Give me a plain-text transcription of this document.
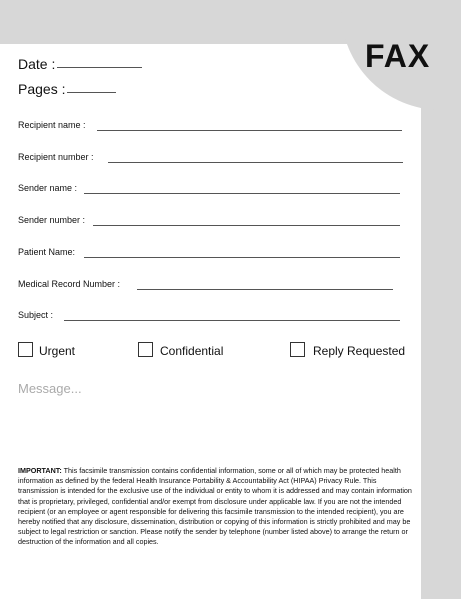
FAX
Date :
Pages :
Recipient name :
Recipient number :
Sender name :
Sender number :
Patient Name:
Medical Record Number :
Subject :
Urgent	Confidential	Reply Requested
Message...
IMPORTANT: This facsimile transmission contains confidential information, some or all of which may be protected health information as defined by the federal Health Insurance Portability & Accountability Act (HIPAA) Privacy Rule. This transmission is intended for the exclusive use of the individual or entity to whom it is addressed and may contain information that is proprietary, privileged, confidential and/or exempt from disclosure under applicable law. If you are not the intended recipient (or an employee or agent responsible for delivering this facsimile transmission to the intended recipient), you are hereby notified that any disclosure, dissemination, distribution or copying of this information is strictly prohibited and may be subject to legal restriction or sanction. Please notify the sender by telephone (number listed above) to arrange the return or destruction of the information and all copies.
